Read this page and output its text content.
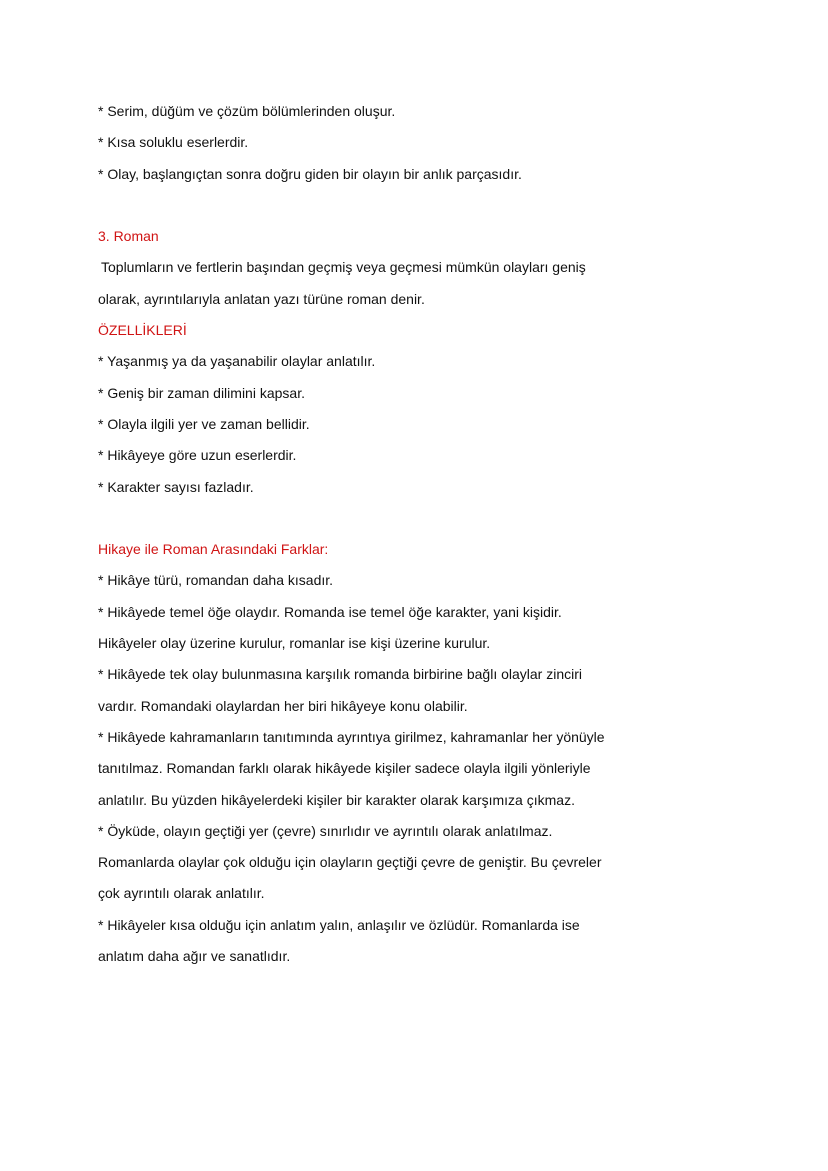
* Serim, düğüm ve çözüm bölümlerinden oluşur.
* Kısa soluklu eserlerdir.
* Olay, başlangıçtan sonra doğru giden bir olayın bir anlık parçasıdır.
3. Roman
Toplumların ve fertlerin başından geçmiş veya geçmesi mümkün olayları geniş
olarak, ayrıntılarıyla anlatan yazı türüne roman denir.
ÖZELLİKLERİ
* Yaşanmış ya da yaşanabilir olaylar anlatılır.
* Geniş bir zaman dilimini kapsar.
* Olayla ilgili yer ve zaman bellidir.
* Hikâyeye göre uzun eserlerdir.
* Karakter sayısı fazladır.
Hikaye ile Roman Arasındaki Farklar:
* Hikâye türü, romandan daha kısadır.
* Hikâyede temel öğe olaydır. Romanda ise temel öğe karakter, yani kişidir.
Hikâyeler olay üzerine kurulur, romanlar ise kişi üzerine kurulur.
* Hikâyede tek olay bulunmasına karşılık romanda birbirine bağlı olaylar zinciri
vardır. Romandaki olaylardan her biri hikâyeye konu olabilir.
* Hikâyede kahramanların tanıtımında ayrıntıya girilmez, kahramanlar her yönüyle
tanıtılmaz. Romandan farklı olarak hikâyede kişiler sadece olayla ilgili yönleriyle
anlatılır. Bu yüzden hikâyelerdeki kişiler bir karakter olarak karşımıza çıkmaz.
* Öyküde, olayın geçtiği yer (çevre) sınırlıdır ve ayrıntılı olarak anlatılmaz.
Romanlarda olaylar çok olduğu için olayların geçtiği çevre de geniştir. Bu çevreler
çok ayrıntılı olarak anlatılır.
* Hikâyeler kısa olduğu için anlatım yalın, anlaşılır ve özlüdür. Romanlarda ise
anlatım daha ağır ve sanatlıdır.
